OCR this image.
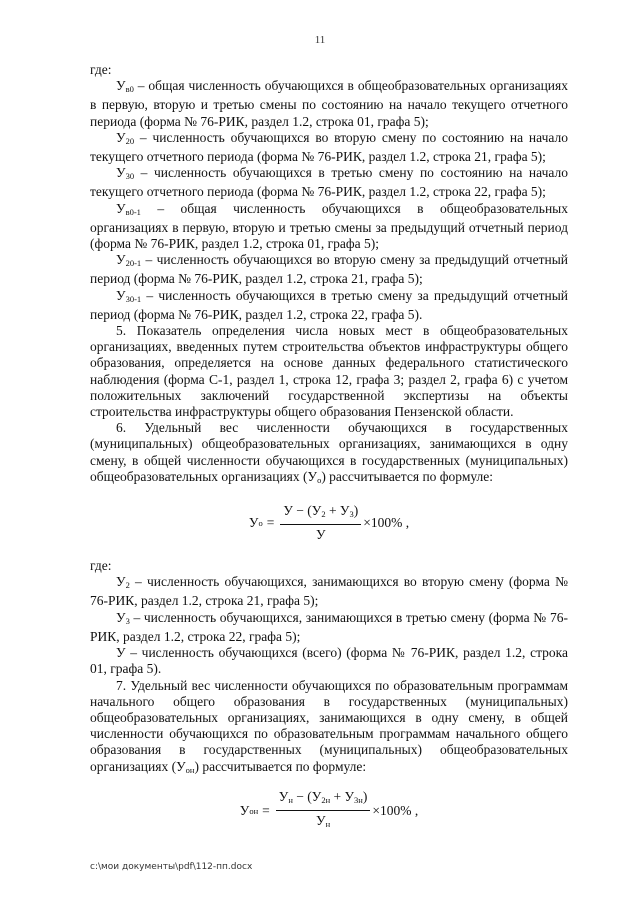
11

где:

$У_{в0}$ – общая численность обучающихся в общеобразовательных организациях в первую, вторую и третью смены по состоянию на начало текущего отчетного периода (форма № 76-РИК, раздел 1.2, строка 01, графа 5);

$У_{20}$ – численность обучающихся во вторую смену по состоянию на начало текущего отчетного периода (форма № 76-РИК, раздел 1.2, строка 21, графа 5);

$У_{30}$ – численность обучающихся в третью смену по состоянию на начало текущего отчетного периода (форма № 76-РИК, раздел 1.2, строка 22, графа 5);

$У_{в0-1}$ – общая численность обучающихся в общеобразовательных организациях в первую, вторую и третью смены за предыдущий отчетный период (форма № 76-РИК, раздел 1.2, строка 01, графа 5);

$У_{20-1}$ – численность обучающихся во вторую смену за предыдущий отчетный период (форма № 76-РИК, раздел 1.2, строка 21, графа 5);

$У_{30-1}$ – численность обучающихся в третью смену за предыдущий отчетный период (форма № 76-РИК, раздел 1.2, строка 22, графа 5).

5. Показатель определения числа новых мест в общеобразовательных организациях, введенных путем строительства объектов инфраструктуры общего образования, определяется на основе данных федерального статистического наблюдения (форма С-1, раздел 1, строка 12, графа 3; раздел 2, графа 6) с учетом положительных заключений государственной экспертизы на объекты строительства инфраструктуры общего образования Пензенской области.

6. Удельный вес численности обучающихся в государственных (муниципальных) общеобразовательных организациях, занимающихся в одну смену, в общей численности обучающихся в государственных (муниципальных) общеобразовательных организациях $(У_о)$ рассчитывается по формуле:

У $о = \frac{У - (У_2 + У_3)}{У} \times 100\%$ ,

где:

$У_2$ – численность обучающихся, занимающихся во вторую смену (форма № 76-РИК, раздел 1.2, строка 21, графа 5);

$У_3$ – численность обучающихся, занимающихся в третью смену (форма № 76-РИК, раздел 1.2, строка 22, графа 5);

У – численность обучающихся (всего) (форма № 76-РИК, раздел 1.2, строка 01, графа 5).

7. Удельный вес численности обучающихся по образовательным программам начального общего образования в государственных (муниципальных) общеобразовательных организациях, занимающихся в одну смену, в общей численности обучающихся по образовательным программам начального общего образования в государственных (муниципальных) общеобразовательных организациях $(У_{он})$ рассчитывается по формуле:

У он = $\frac{У_н - (У_{2н} + У_{3н})}{У_н} \times 100\%$ ,
c:\мои документы\pdf\112-пп.docx
